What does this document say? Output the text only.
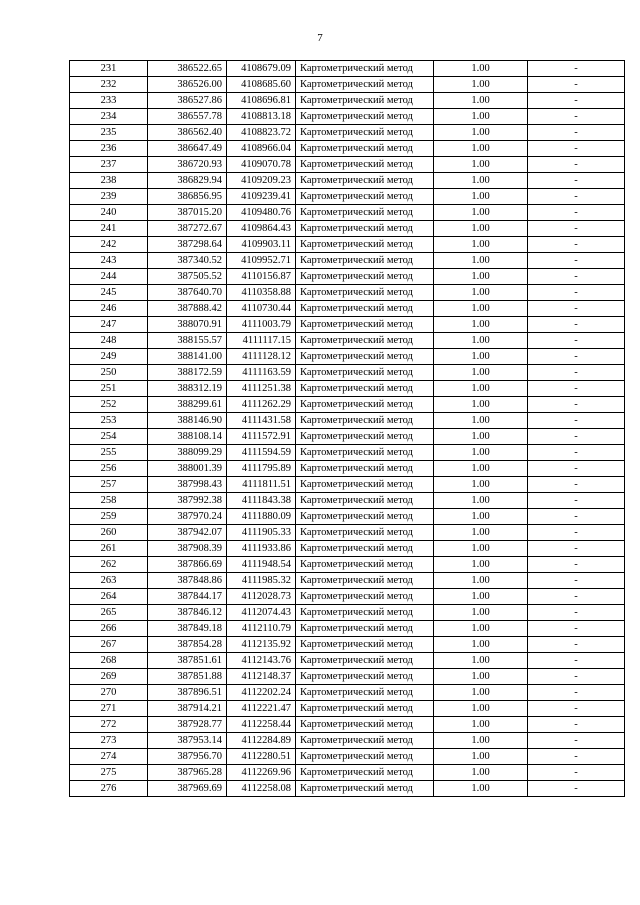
7
231	386522.65	4108679.09	Картометрический метод	1.00	-
232	386526.00	4108685.60	Картометрический метод	1.00	-
233	386527.86	4108696.81	Картометрический метод	1.00	-
234	386557.78	4108813.18	Картометрический метод	1.00	-
235	386562.40	4108823.72	Картометрический метод	1.00	-
236	386647.49	4108966.04	Картометрический метод	1.00	-
237	386720.93	4109070.78	Картометрический метод	1.00	-
238	386829.94	4109209.23	Картометрический метод	1.00	-
239	386856.95	4109239.41	Картометрический метод	1.00	-
240	387015.20	4109480.76	Картометрический метод	1.00	-
241	387272.67	4109864.43	Картометрический метод	1.00	-
242	387298.64	4109903.11	Картометрический метод	1.00	-
243	387340.52	4109952.71	Картометрический метод	1.00	-
244	387505.52	4110156.87	Картометрический метод	1.00	-
245	387640.70	4110358.88	Картометрический метод	1.00	-
246	387888.42	4110730.44	Картометрический метод	1.00	-
247	388070.91	4111003.79	Картометрический метод	1.00	-
248	388155.57	4111117.15	Картометрический метод	1.00	-
249	388141.00	4111128.12	Картометрический метод	1.00	-
250	388172.59	4111163.59	Картометрический метод	1.00	-
251	388312.19	4111251.38	Картометрический метод	1.00	-
252	388299.61	4111262.29	Картометрический метод	1.00	-
253	388146.90	4111431.58	Картометрический метод	1.00	-
254	388108.14	4111572.91	Картометрический метод	1.00	-
255	388099.29	4111594.59	Картометрический метод	1.00	-
256	388001.39	4111795.89	Картометрический метод	1.00	-
257	387998.43	4111811.51	Картометрический метод	1.00	-
258	387992.38	4111843.38	Картометрический метод	1.00	-
259	387970.24	4111880.09	Картометрический метод	1.00	-
260	387942.07	4111905.33	Картометрический метод	1.00	-
261	387908.39	4111933.86	Картометрический метод	1.00	-
262	387866.69	4111948.54	Картометрический метод	1.00	-
263	387848.86	4111985.32	Картометрический метод	1.00	-
264	387844.17	4112028.73	Картометрический метод	1.00	-
265	387846.12	4112074.43	Картометрический метод	1.00	-
266	387849.18	4112110.79	Картометрический метод	1.00	-
267	387854.28	4112135.92	Картометрический метод	1.00	-
268	387851.61	4112143.76	Картометрический метод	1.00	-
269	387851.88	4112148.37	Картометрический метод	1.00	-
270	387896.51	4112202.24	Картометрический метод	1.00	-
271	387914.21	4112221.47	Картометрический метод	1.00	-
272	387928.77	4112258.44	Картометрический метод	1.00	-
273	387953.14	4112284.89	Картометрический метод	1.00	-
274	387956.70	4112280.51	Картометрический метод	1.00	-
275	387965.28	4112269.96	Картометрический метод	1.00	-
276	387969.69	4112258.08	Картометрический метод	1.00	-
